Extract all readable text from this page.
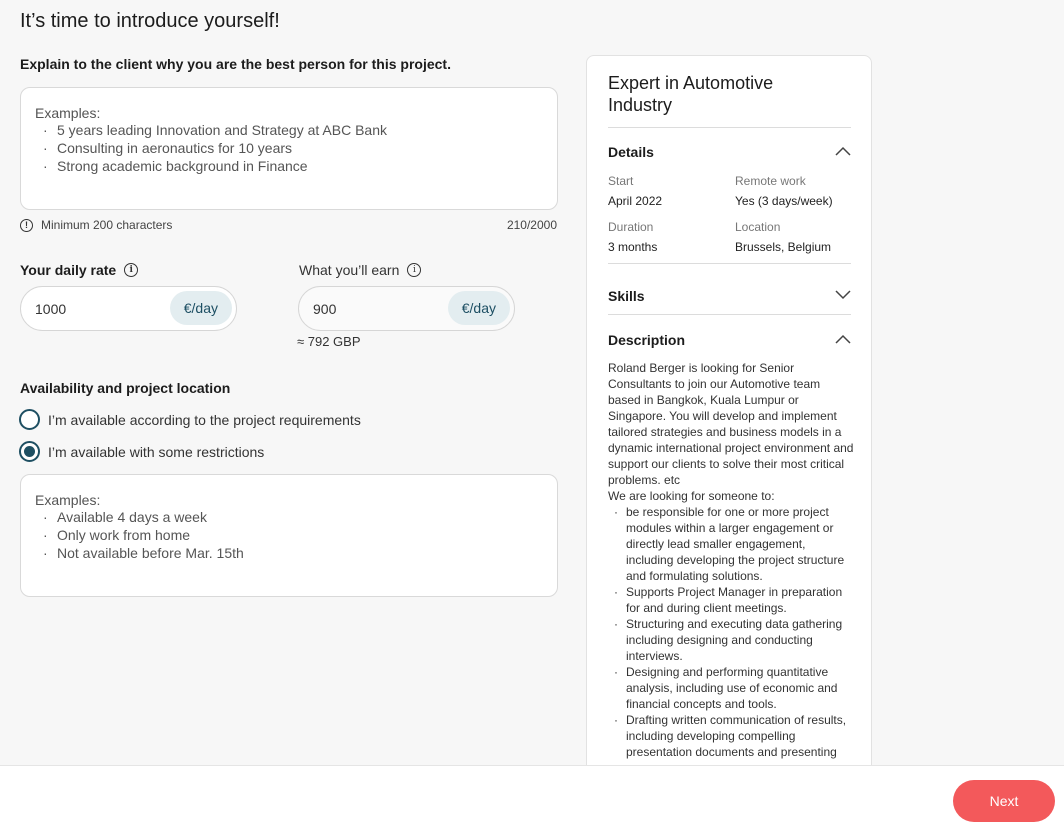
It’s time to introduce yourself!
Explain to the client why you are the best person for this project.
Examples:
· 5 years leading Innovation and Strategy at ABC Bank
· Consulting in aeronautics for 10 years
· Strong academic background in Finance
!	Minimum 200 characters	210/2000
Your daily rate	i	What you’ll earn	i
1000	€/day	900	€/day
≈ 792 GBP
Availability and project location
I’m available according to the project requirements
I’m available with some restrictions
Examples:
· Available 4 days a week
· Only work from home
· Not available before Mar. 15th
Expert in Automotive Industry
Details
Start
April 2022
Remote work
Yes (3 days/week)
Duration
3 months
Location
Brussels, Belgium
Skills
Description
Roland Berger is looking for Senior Consultants to join our Automotive team based in Bangkok, Kuala Lumpur or Singapore. You will develop and implement tailored strategies and business models in a dynamic international project environment and support our clients to solve their most critical problems. etc
We are looking for someone to:
· be responsible for one or more project modules within a larger engagement or directly lead smaller engagement, including developing the project structure and formulating solutions.
· Supports Project Manager in preparation for and during client meetings.
· Structuring and executing data gathering including designing and conducting interviews.
· Designing and performing quantitative analysis, including use of economic and financial concepts and tools.
· Drafting written communication of results, including developing compelling presentation documents and presenting
Next
